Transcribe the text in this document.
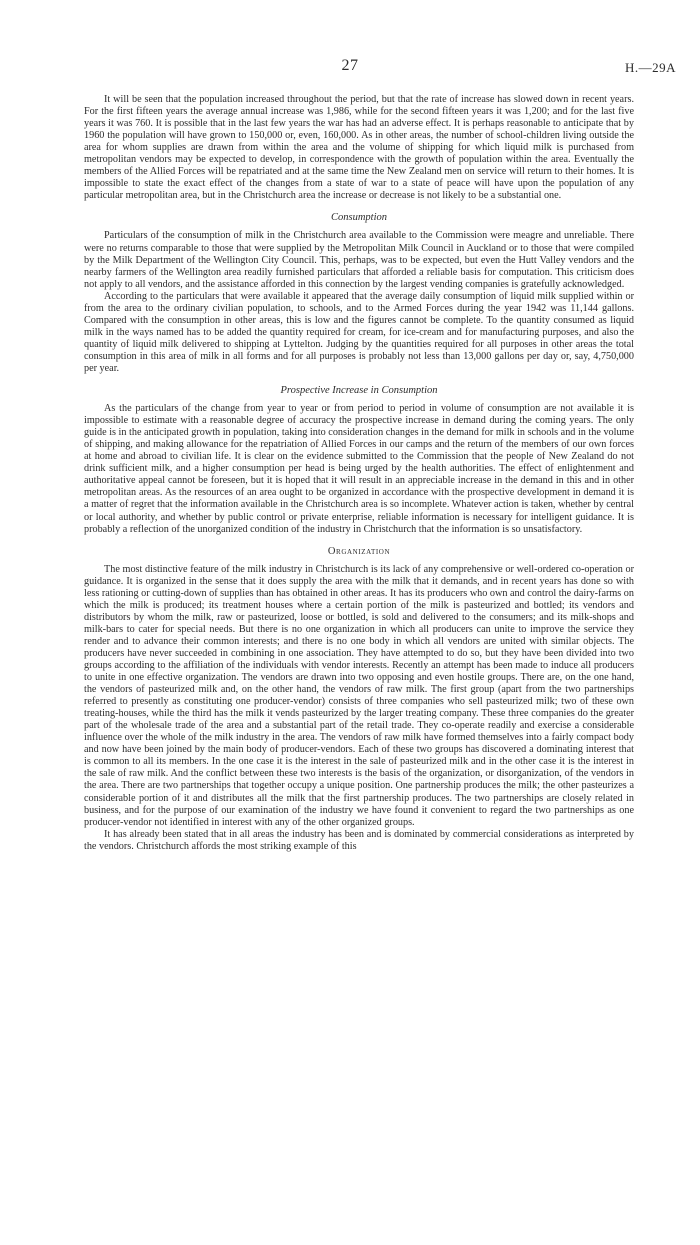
27	H.—29A

It will be seen that the population increased throughout the period, but that the rate of increase has slowed down in recent years. For the first fifteen years the average annual increase was 1,986, while for the second fifteen years it was 1,200; and for the last five years it was 760. It is possible that in the last few years the war has had an adverse effect. It is perhaps reasonable to anticipate that by 1960 the population will have grown to 150,000 or, even, 160,000. As in other areas, the number of school-children living outside the area for whom supplies are drawn from within the area and the volume of shipping for which liquid milk is purchased from metropolitan vendors may be expected to develop, in correspondence with the growth of population within the area. Eventually the members of the Allied Forces will be repatriated and at the same time the New Zealand men on service will return to their homes. It is impossible to state the exact effect of the changes from a state of war to a state of peace will have upon the population of any particular metropolitan area, but in the Christchurch area the increase or decrease is not likely to be a substantial one.

Consumption

Particulars of the consumption of milk in the Christchurch area available to the Commission were meagre and unreliable. There were no returns comparable to those that were supplied by the Metropolitan Milk Council in Auckland or to those that were compiled by the Milk Department of the Wellington City Council. This, perhaps, was to be expected, but even the Hutt Valley vendors and the nearby farmers of the Wellington area readily furnished particulars that afforded a reliable basis for computation. This criticism does not apply to all vendors, and the assistance afforded in this connection by the largest vending companies is gratefully acknowledged.

According to the particulars that were available it appeared that the average daily consumption of liquid milk supplied within or from the area to the ordinary civilian population, to schools, and to the Armed Forces during the year 1942 was 11,144 gallons. Compared with the consumption in other areas, this is low and the figures cannot be complete. To the quantity consumed as liquid milk in the ways named has to be added the quantity required for cream, for ice-cream and for manufacturing purposes, and also the quantity of liquid milk delivered to shipping at Lyttelton. Judging by the quantities required for all purposes in other areas the total consumption in this area of milk in all forms and for all purposes is probably not less than 13,000 gallons per day or, say, 4,750,000 per year.

Prospective Increase in Consumption

As the particulars of the change from year to year or from period to period in volume of consumption are not available it is impossible to estimate with a reasonable degree of accuracy the prospective increase in demand during the coming years. The only guide is in the anticipated growth in population, taking into consideration changes in the demand for milk in schools and in the volume of shipping, and making allowance for the repatriation of Allied Forces in our camps and the return of the members of our own forces at home and abroad to civilian life. It is clear on the evidence submitted to the Commission that the people of New Zealand do not drink sufficient milk, and a higher consumption per head is being urged by the health authorities. The effect of enlightenment and authoritative appeal cannot be foreseen, but it is hoped that it will result in an appreciable increase in the demand in this and in other metropolitan areas. As the resources of an area ought to be organized in accordance with the prospective development in demand it is a matter of regret that the information available in the Christchurch area is so incomplete. Whatever action is taken, whether by central or local authority, and whether by public control or private enterprise, reliable information is necessary for intelligent guidance. It is probably a reflection of the unorganized condition of the industry in Christchurch that the information is so unsatisfactory.

Organization

The most distinctive feature of the milk industry in Christchurch is its lack of any comprehensive or well-ordered co-operation or guidance. It is organized in the sense that it does supply the area with the milk that it demands, and in recent years has done so with less rationing or cutting-down of supplies than has obtained in other areas. It has its producers who own and control the dairy-farms on which the milk is produced; its treatment houses where a certain portion of the milk is pasteurized and bottled; its vendors and distributors by whom the milk, raw or pasteurized, loose or bottled, is sold and delivered to the consumers; and its milk-shops and milk-bars to cater for special needs. But there is no one organization in which all producers can unite to improve the service they render and to advance their common interests; and there is no one body in which all vendors are united with similar objects. The producers have never succeeded in combining in one association. They have attempted to do so, but they have been divided into two groups according to the affiliation of the individuals with vendor interests. Recently an attempt has been made to induce all producers to unite in one effective organization. The vendors are drawn into two opposing and even hostile groups. There are, on the one hand, the vendors of pasteurized milk and, on the other hand, the vendors of raw milk. The first group (apart from the two partnerships referred to presently as constituting one producer-vendor) consists of three companies who sell pasteurized milk; two of these own treating-houses, while the third has the milk it vends pasteurized by the larger treating company. These three companies do the greater part of the wholesale trade of the area and a substantial part of the retail trade. They co-operate readily and exercise a considerable influence over the whole of the milk industry in the area. The vendors of raw milk have formed themselves into a fairly compact body and now have been joined by the main body of producer-vendors. Each of these two groups has discovered a dominating interest that is common to all its members. In the one case it is the interest in the sale of pasteurized milk and in the other case it is the interest in the sale of raw milk. And the conflict between these two interests is the basis of the organization, or disorganization, of the vendors in the area. There are two partnerships that together occupy a unique position. One partnership produces the milk; the other pasteurizes a considerable portion of it and distributes all the milk that the first partnership produces. The two partnerships are closely related in business, and for the purpose of our examination of the industry we have found it convenient to regard the two partnerships as one producer-vendor not identified in interest with any of the other organized groups.

It has already been stated that in all areas the industry has been and is dominated by commercial considerations as interpreted by the vendors. Christchurch affords the most striking example of this
